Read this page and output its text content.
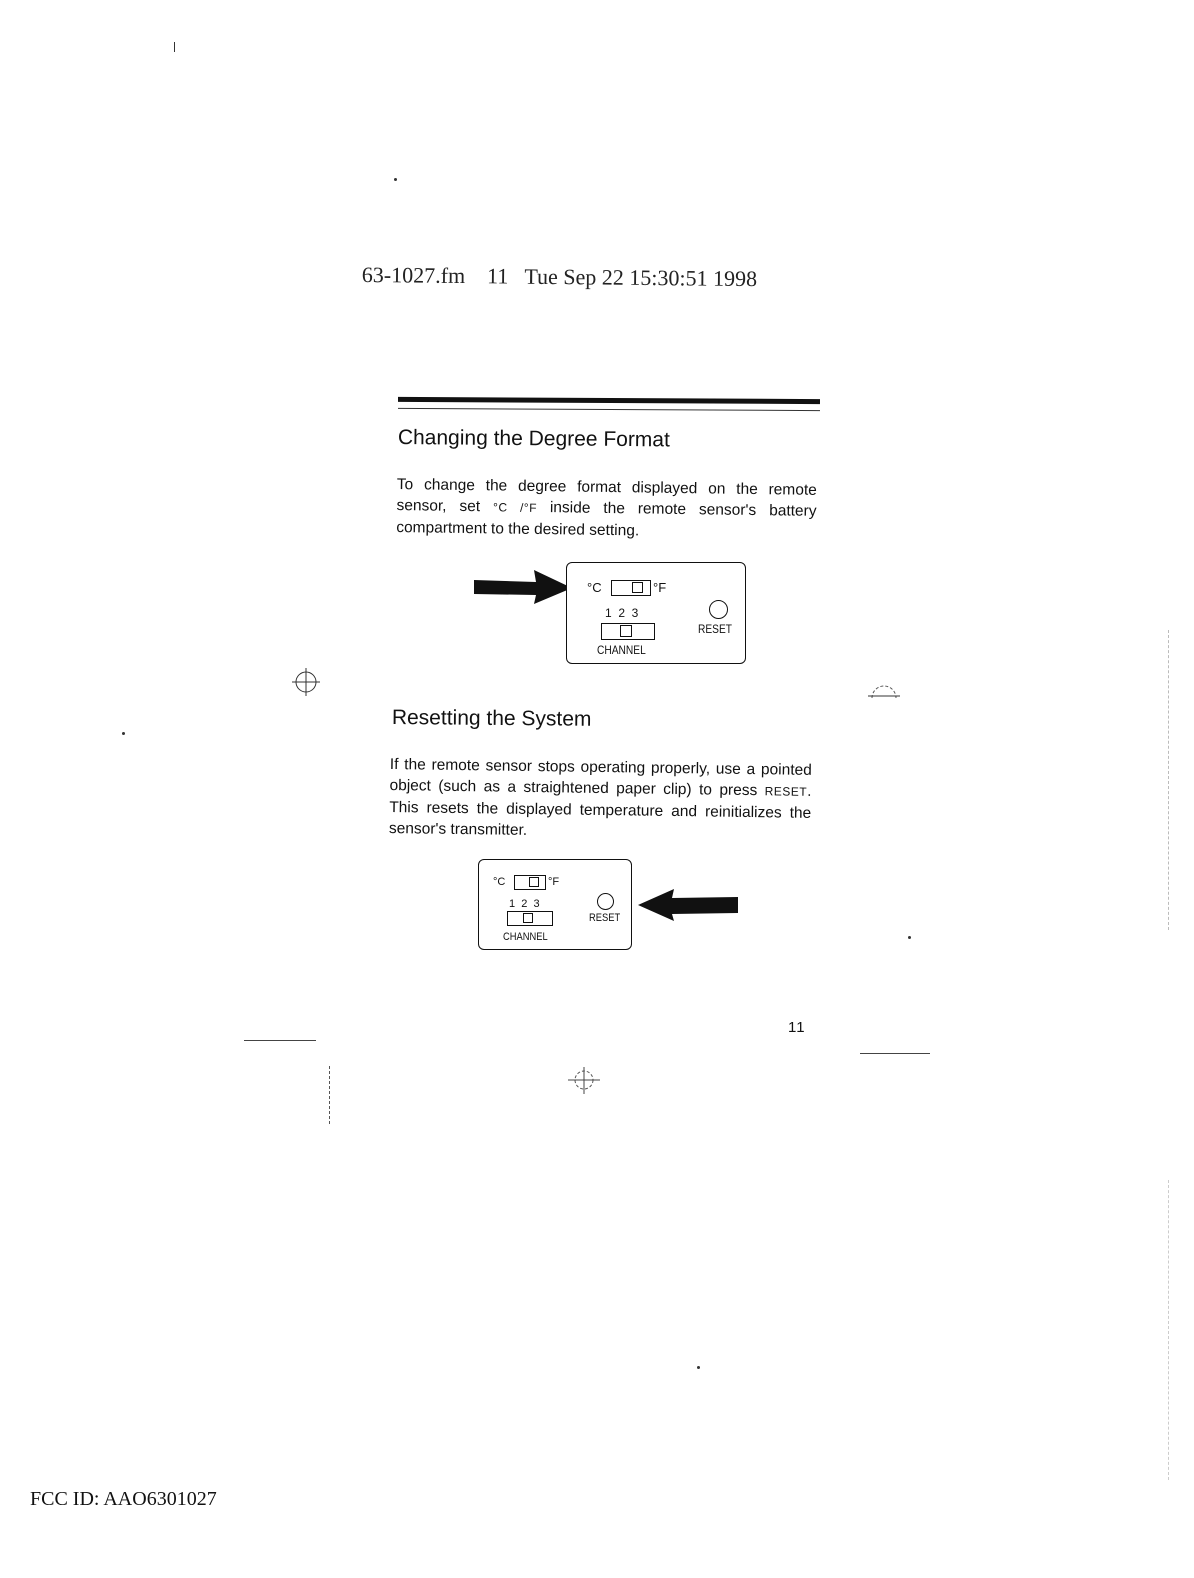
63-1027.fm 11 Tue Sep 22 15:30:51 1998
Changing the Degree Format

To change the degree format displayed on the remote sensor, set °C /°F inside the remote sensor's battery compartment to the desired setting.

°C	°F
1  2  3
CHANNEL
RESET
Resetting the System

If the remote sensor stops operating properly, use a pointed object (such as a straightened paper clip) to press RESET. This resets the displayed temperature and reinitializes the sensor's transmitter.

°C	°F
1  2  3
CHANNEL
RESET
11
FCC ID: AAO6301027
